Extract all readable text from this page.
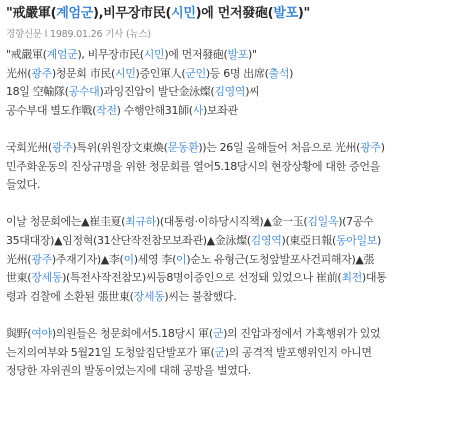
"戒嚴軍(계엄군),비무장市民(시민)에 먼저發砲(발포)"
경향신문 l 1989.01.26 기사 (뉴스)
"戒嚴軍(계엄군), 비무장市民(시민)에 먼저發砲(발포)"
光州(광주)청문회 市民(시민)증인軍人(군인)등 6명 出席(출석)
18일 空輸隊(공수대)과잉진압이 발단金泳燦(김영역)씨
공수부대 별도作戰(작전) 수행안해31師(사)보좌관
국회光州(광주)특위(위원장文東煥(문동환))는 26일 올해들어 처음으로 光州(광주)
민주화운동의 진상규명을 위한 청문회를 열어5.18당시의 현장상황에 대한 증언을
들었다.
이날 청문회에는▲崔圭夏(최규하)(대통령·이하당시직책)▲金一玉(김일옥)(7공수
35대대장)▲임정혁(31산단작전참모보좌관)▲金泳燦(김영역)(東亞日報(동아일보)
光州(광주)주재기자)▲李(이)세영 李(이)순노 유형근(도청앞발포사건피해자)▲張
世東(장세동)(특전사작전참모)씨등8명이증인으로 선정돼 있었으나 崔前(최전)대통
령과 검찰에 소환된 張世東(장세동)씨는 불참했다.
與野(여야)의원들은 청문회에서5.18당시 軍(군)의 진압과정에서 가혹행위가 있었
는지의여부와 5월21일 도청앞집단발포가 軍(군)의 공격적 발포행위인지 아니면
정당한 자위권의 발동이었는지에 대해 공방을 벌였다.
